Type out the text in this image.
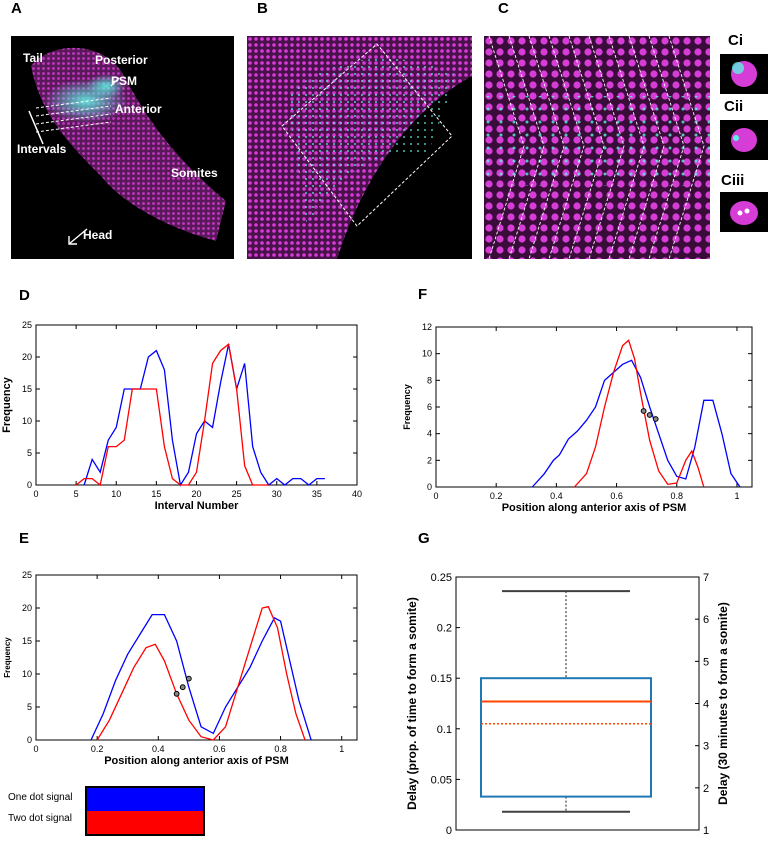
A	B	C
Ci
Cii
Ciii
D	F
E	G
Tail	Posterior
PSM
Anterior
Intervals
Somites
Head
0	5	10	15	20	25	30	35	40
0
5
10
15
20
25
Interval Number
Frequency
0	0.2	0.4	0.6	0.8	1
0
2
4
6
8
10
12
Position along anterior axis of PSM
Frequency
0	0.2	0.4	0.6	0.8	1
0
5
10
15
20
25
Position along anterior axis of PSM
Frequency
0
0.05
0.1
0.15
0.2
0.25
1
2
3
4
5
6
7
Delay (prop. of time to form a somite)	Delay (30 minutes to form a somite)
One dot signal
Two dot signal
